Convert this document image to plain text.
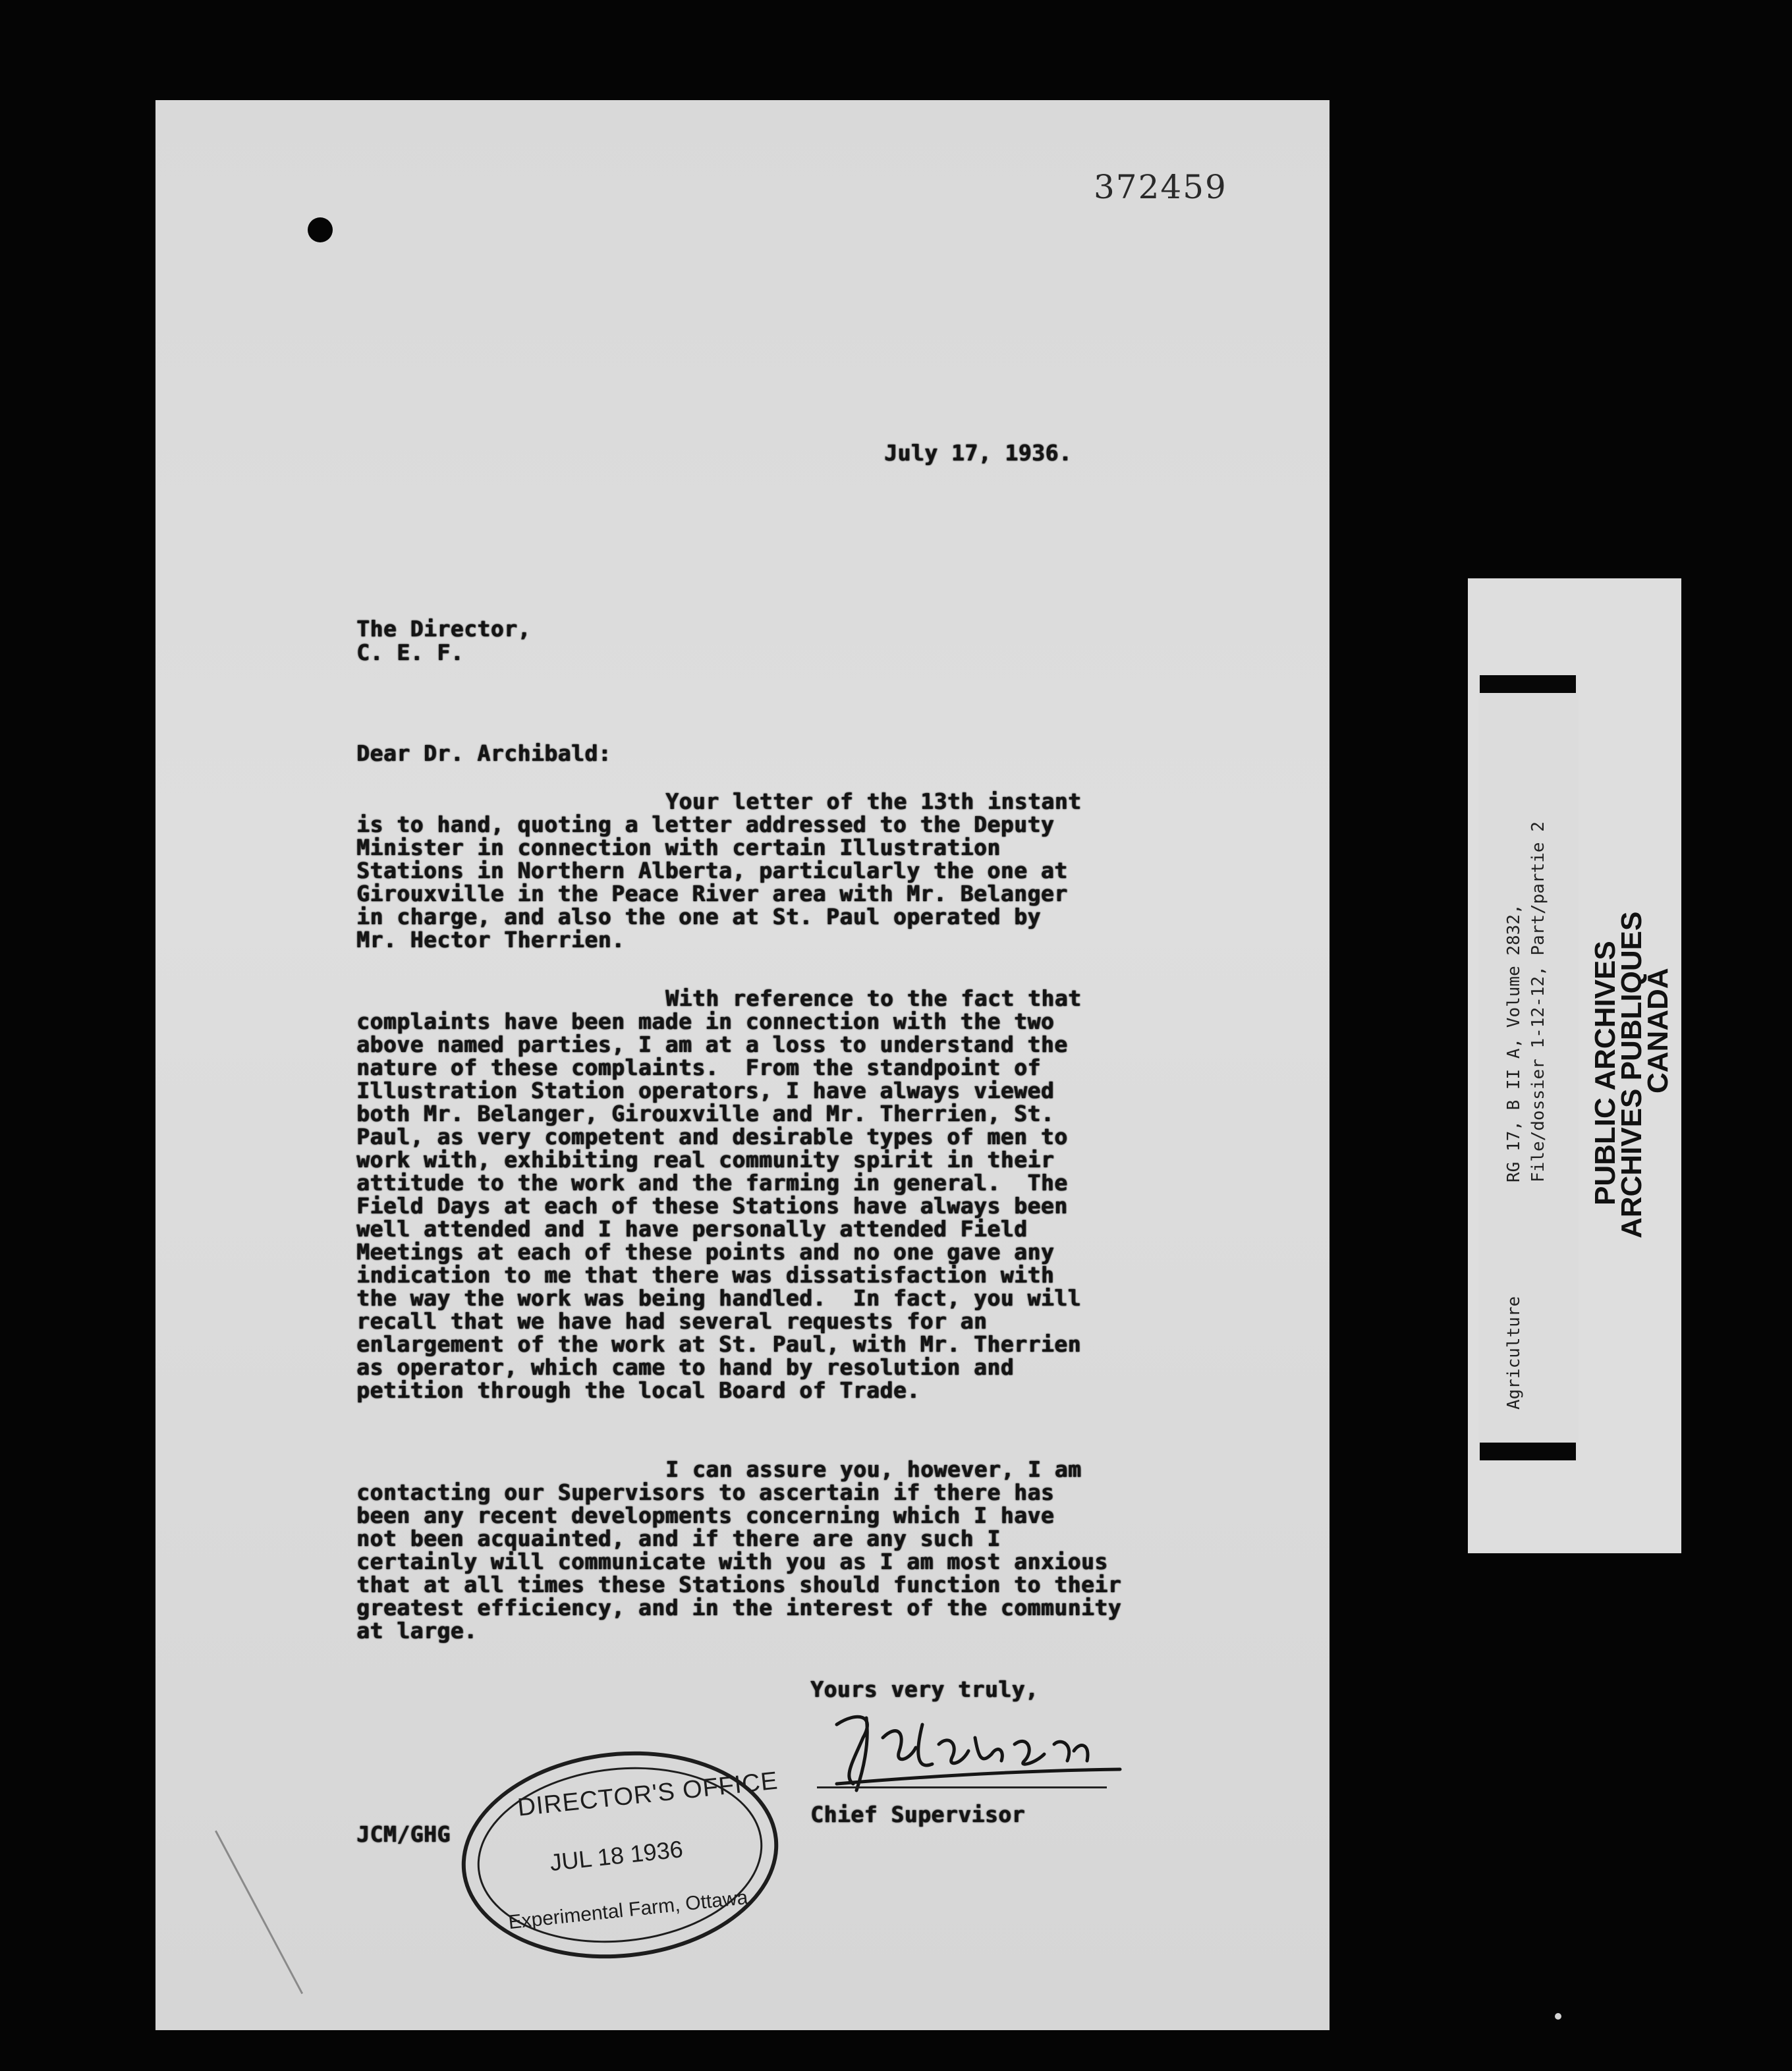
372459
July 17, 1936.
The Director,
C. E. F.
Dear Dr. Archibald:
Your letter of the 13th instant
is to hand, quoting a letter addressed to the Deputy
Minister in connection with certain Illustration
Stations in Northern Alberta, particularly the one at
Girouxville in the Peace River area with Mr. Belanger
in charge, and also the one at St. Paul operated by
Mr. Hector Therrien.
With reference to the fact that
complaints have been made in connection with the two
above named parties, I am at a loss to understand the
nature of these complaints.  From the standpoint of
Illustration Station operators, I have always viewed
both Mr. Belanger, Girouxville and Mr. Therrien, St.
Paul, as very competent and desirable types of men to
work with, exhibiting real community spirit in their
attitude to the work and the farming in general.  The
Field Days at each of these Stations have always been
well attended and I have personally attended Field
Meetings at each of these points and no one gave any
indication to me that there was dissatisfaction with
the way the work was being handled.  In fact, you will
recall that we have had several requests for an
enlargement of the work at St. Paul, with Mr. Therrien
as operator, which came to hand by resolution and
petition through the local Board of Trade.
I can assure you, however, I am
contacting our Supervisors to ascertain if there has
been any recent developments concerning which I have
not been acquainted, and if there are any such I
certainly will communicate with you as I am most anxious
that at all times these Stations should function to their
greatest efficiency, and in the interest of the community
at large.
Yours very truly,
Chief Supervisor
JCM/GHG
DIRECTOR'S OFFICE
JUL 18 1936
Experimental Farm, Ottawa.
Agriculture
RG 17, B II A, Volume 2832, File/dossier 1-12-12, Part/partie 2 PUBLIC ARCHIVES
ARCHIVES PUBLIQUES
CANADA
